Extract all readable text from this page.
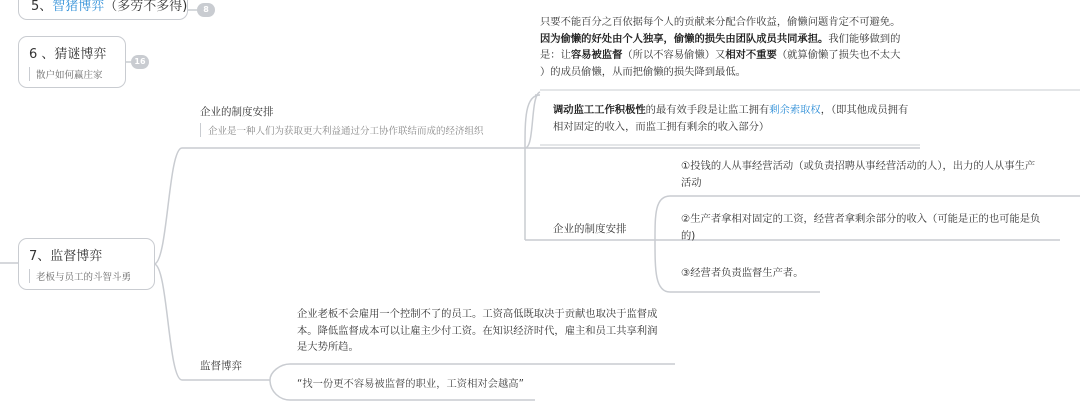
5、智猪博弈（多劳不多得)	8
6 、猜谜博弈
散户如何赢庄家
16
7、监督博弈
老板与员工的斗智斗勇
企业的制度安排
企业是一种人们为获取更大利益通过分工协作联结而成的经济组织
只要不能百分之百依据每个人的贡献来分配合作收益，偷懒问题肯定不可避免。
因为偷懒的好处由个人独享，偷懒的损失由团队成员共同承担。我们能够做到的
是：让容易被监督（所以不容易偷懒）又相对不重要（就算偷懒了损失也不太大
）的成员偷懒，从而把偷懒的损失降到最低。
调动监工工作积极性的最有效手段是让监工拥有剩余索取权，（即其他成员拥有
相对固定的收入，而监工拥有剩余的收入部分）
企业的制度安排
①投钱的人从事经营活动（或负责招聘从事经营活动的人），出力的人从事生产
活动
②生产者拿相对固定的工资，经营者拿剩余部分的收入（可能是正的也可能是负
的)
③经营者负责监督生产者。
监督博弈
企业老板不会雇用一个控制不了的员工。工资高低既取决于贡献也取决于监督成
本。降低监督成本可以让雇主少付工资。在知识经济时代，雇主和员工共享利润
是大势所趋。
“找一份更不容易被监督的职业，工资相对会越高”
